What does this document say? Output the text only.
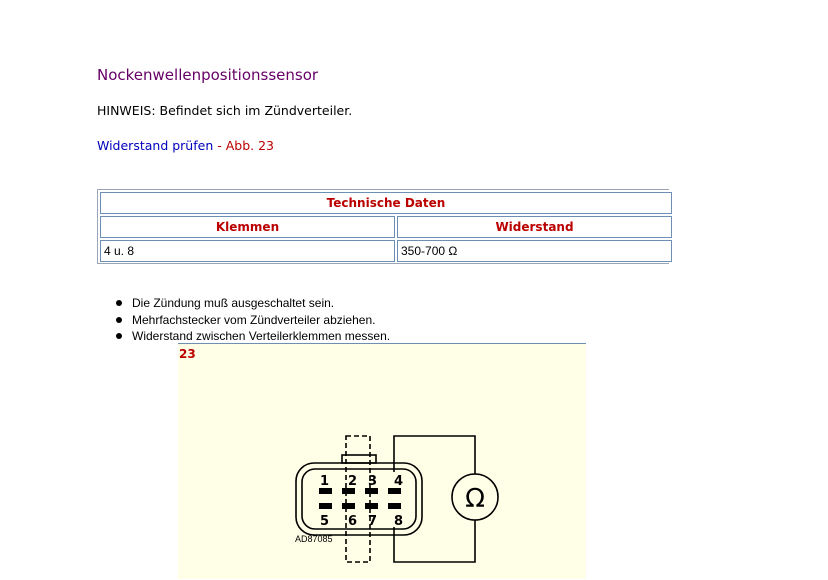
Nockenwellenpositionssensor
HINWEIS: Befindet sich im Zündverteiler.
Widerstand prüfen - Abb. 23
Technische Daten
Klemmen	Widerstand
4 u. 8	350-700 Ω
Die Zündung muß ausgeschaltet sein.
Mehrfachstecker vom Zündverteiler abziehen.
Widerstand zwischen Verteilerklemmen messen.
1 2 3 4
5 6 7 8
Ω
AD87085
23
